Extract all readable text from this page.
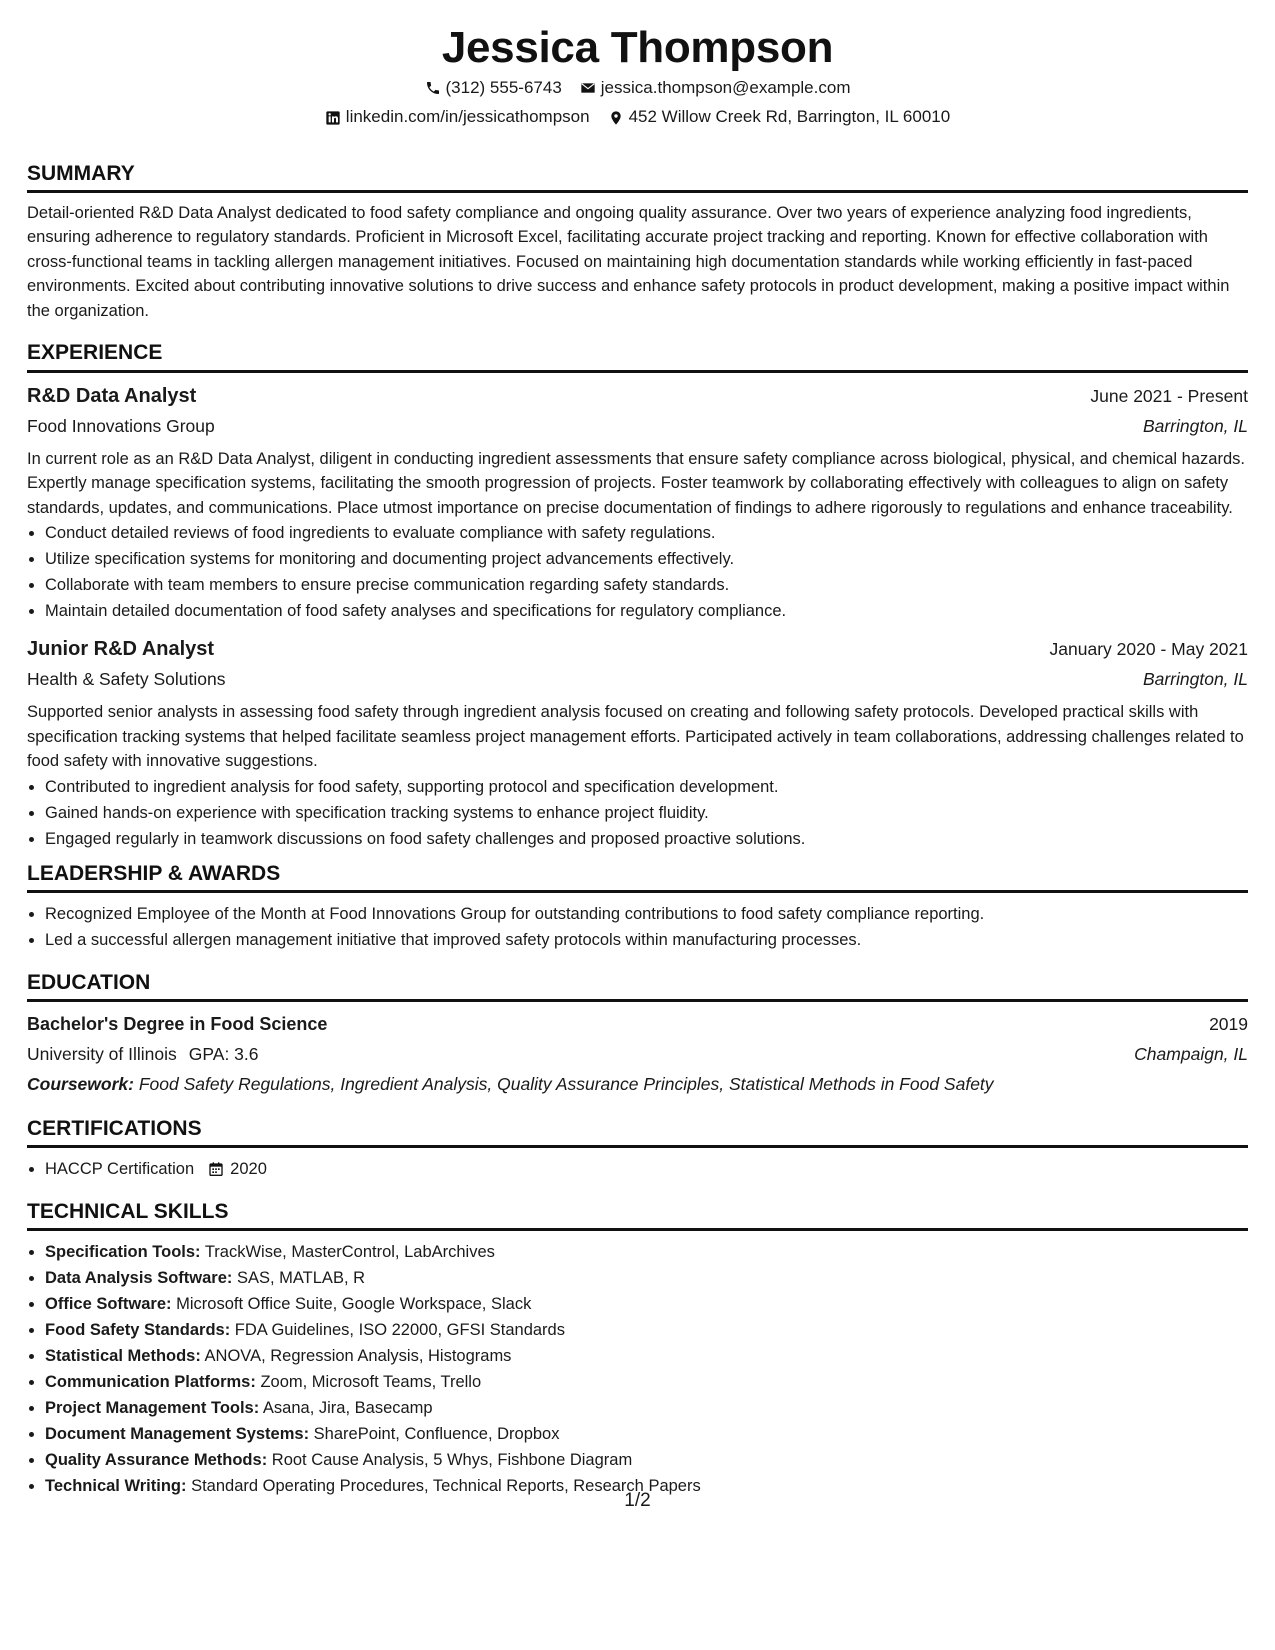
Jessica Thompson
(312) 555-6743 jessica.thompson@example.com
linkedin.com/in/jessicathompson 452 Willow Creek Rd, Barrington, IL 60010
SUMMARY

Detail-oriented R&D Data Analyst dedicated to food safety compliance and ongoing quality assurance. Over two years of experience analyzing food ingredients, ensuring adherence to regulatory standards. Proficient in Microsoft Excel, facilitating accurate project tracking and reporting. Known for effective collaboration with cross-functional teams in tackling allergen management initiatives. Focused on maintaining high documentation standards while working efficiently in fast-paced environments. Excited about contributing innovative solutions to drive success and enhance safety protocols in product development, making a positive impact within the organization.

EXPERIENCE
R&D Data Analyst	June 2021 - Present
Food Innovations Group	Barrington, IL

In current role as an R&D Data Analyst, diligent in conducting ingredient assessments that ensure safety compliance across biological, physical, and chemical hazards. Expertly manage specification systems, facilitating the smooth progression of projects. Foster teamwork by collaborating effectively with colleagues to align on safety standards, updates, and communications. Place utmost importance on precise documentation of findings to adhere rigorously to regulations and enhance traceability.

• Conduct detailed reviews of food ingredients to evaluate compliance with safety regulations.
• Utilize specification systems for monitoring and documenting project advancements effectively.
• Collaborate with team members to ensure precise communication regarding safety standards.
• Maintain detailed documentation of food safety analyses and specifications for regulatory compliance.
Junior R&D Analyst	January 2020 - May 2021
Health & Safety Solutions	Barrington, IL

Supported senior analysts in assessing food safety through ingredient analysis focused on creating and following safety protocols. Developed practical skills with specification tracking systems that helped facilitate seamless project management efforts. Participated actively in team collaborations, addressing challenges related to food safety with innovative suggestions.

• Contributed to ingredient analysis for food safety, supporting protocol and specification development.
• Gained hands-on experience with specification tracking systems to enhance project fluidity.
• Engaged regularly in teamwork discussions on food safety challenges and proposed proactive solutions.
LEADERSHIP & AWARDS
• Recognized Employee of the Month at Food Innovations Group for outstanding contributions to food safety compliance reporting.
• Led a successful allergen management initiative that improved safety protocols within manufacturing processes.
EDUCATION
Bachelor's Degree in Food Science	2019
University of Illinois GPA: 3.6	Champaign, IL
Coursework: Food Safety Regulations, Ingredient Analysis, Quality Assurance Principles, Statistical Methods in Food Safety
CERTIFICATIONS
• HACCP Certification 2020
TECHNICAL SKILLS
• Specification Tools: TrackWise, MasterControl, LabArchives
• Data Analysis Software: SAS, MATLAB, R
• Office Software: Microsoft Office Suite, Google Workspace, Slack
• Food Safety Standards: FDA Guidelines, ISO 22000, GFSI Standards
• Statistical Methods: ANOVA, Regression Analysis, Histograms
• Communication Platforms: Zoom, Microsoft Teams, Trello
• Project Management Tools: Asana, Jira, Basecamp
• Document Management Systems: SharePoint, Confluence, Dropbox
• Quality Assurance Methods: Root Cause Analysis, 5 Whys, Fishbone Diagram
• Technical Writing: Standard Operating Procedures, Technical Reports, Research Papers
1/2
